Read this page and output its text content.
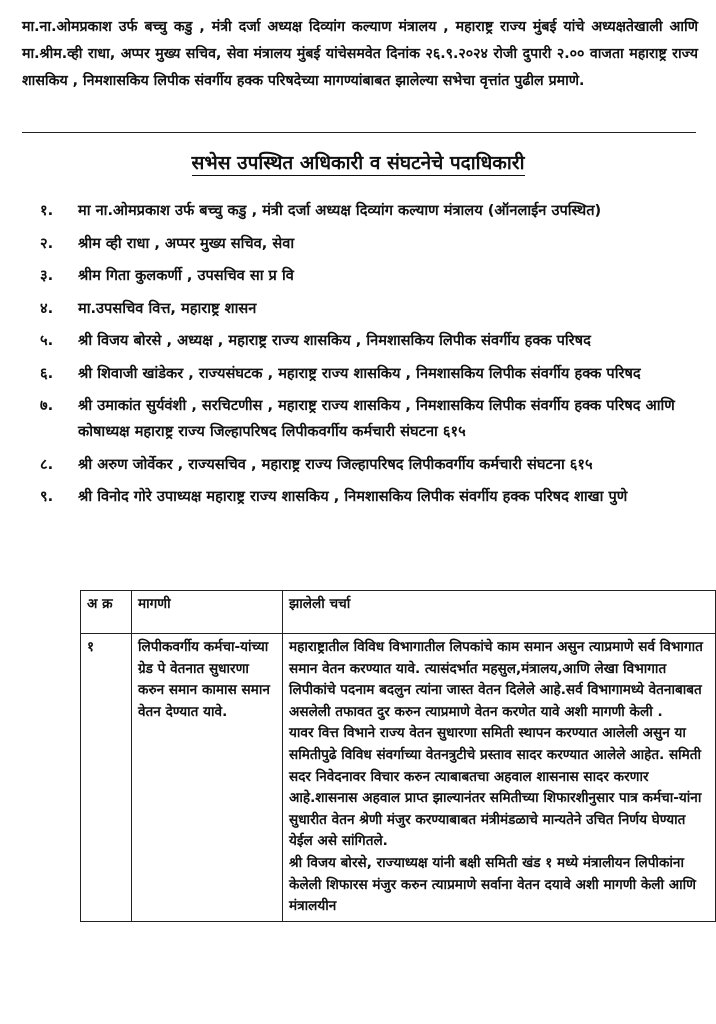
मा.ना.ओमप्रकाश उर्फ बच्चु कडु , मंत्री दर्जा अध्यक्ष दिव्यांग कल्याण मंत्रालय , महाराष्ट्र राज्य मुंबई यांचे अध्यक्षतेखाली आणि मा.श्रीम.व्ही राधा, अप्पर मुख्य सचिव, सेवा मंत्रालय मुंबई यांचेसमवेत दिनांक २६.९.२०२४ रोजी दुपारी २.०० वाजता महाराष्ट्र राज्य शासकिय , निमशासकिय लिपीक संवर्गीय हक्क परिषदेच्या मागण्यांबाबत झालेल्या सभेचा वृत्तांत पुढील प्रमाणे.
सभेस उपस्थित अधिकारी व संघटनेचे पदाधिकारी
१.	मा ना.ओमप्रकाश उर्फ बच्चु कडु , मंत्री दर्जा अध्यक्ष दिव्यांग कल्याण मंत्रालय (ऑनलाईन उपस्थित)
२.	श्रीम व्ही राधा , अप्पर मुख्य सचिव, सेवा
३.	श्रीम गिता कुलकर्णी , उपसचिव सा प्र वि
४.	मा.उपसचिव वित्त, महाराष्ट्र शासन
५.	श्री विजय बोरसे , अध्यक्ष , महाराष्ट्र राज्य शासकिय , निमशासकिय लिपीक संवर्गीय हक्क परिषद
६.	श्री शिवाजी खांडेकर , राज्यसंघटक , महाराष्ट्र राज्य शासकिय , निमशासकिय लिपीक संवर्गीय हक्क परिषद
७.	श्री उमाकांत सुर्यवंशी , सरचिटणीस , महाराष्ट्र राज्य शासकिय , निमशासकिय लिपीक संवर्गीय हक्क परिषद आणि कोषाध्यक्ष महाराष्ट्र राज्य जिल्हापरिषद लिपीकवर्गीय कर्मचारी संघटना ६१५
८.	श्री अरुण जोर्वेकर , राज्यसचिव , महाराष्ट्र राज्य जिल्हापरिषद लिपीकवर्गीय कर्मचारी संघटना ६१५
९.	श्री विनोद गोरे उपाध्यक्ष महाराष्ट्र राज्य शासकिय , निमशासकिय लिपीक संवर्गीय हक्क परिषद शाखा पुणे
अ क्र	मागणी	झालेली चर्चा
१	लिपीकवर्गीय कर्मचा-यांच्या ग्रेड पे वेतनात सुधारणा करुन समान कामास समान वेतन देण्यात यावे.	महाराष्ट्रातील विविध विभागातील लिपकांचे काम समान असुन त्याप्रमाणे सर्व विभागात समान वेतन करण्यात यावे. त्यासंदर्भात महसुल,मंत्रालय,आणि लेखा विभागात लिपीकांचे पदनाम बदलुन त्यांना जास्त वेतन दिलेले आहे.सर्व विभागामध्ये वेतनाबाबत असलेली तफावत दुर करुन त्याप्रमाणे वेतन करणेत यावे अशी मागणी केली .

यावर वित्त विभाने राज्य वेतन सुधारणा समिती स्थापन करण्यात आलेली असुन या समितीपुढे विविध संवर्गाच्या वेतनत्रुटीचे प्रस्ताव सादर करण्यात आलेले आहेत. समिती सदर निवेदनावर विचार करुन त्याबाबतचा अहवाल शासनास सादर करणार आहे.शासनास अहवाल प्राप्त झाल्यानंतर समितीच्या शिफारशीनुसार पात्र कर्मचा-यांना सुधारीत वेतन श्रेणी मंजुर करण्याबाबत मंत्रीमंडळाचे मान्यतेने उचित निर्णय घेण्यात येईल असे सांगितले.

श्री विजय बोरसे, राज्याध्यक्ष यांनी बक्षी समिती खंड १ मध्ये मंत्रालीयन लिपीकांना केलेली शिफारस मंजुर करुन त्याप्रमाणे सर्वाना वेतन दयावे अशी मागणी केली आणि मंत्रालयीन
